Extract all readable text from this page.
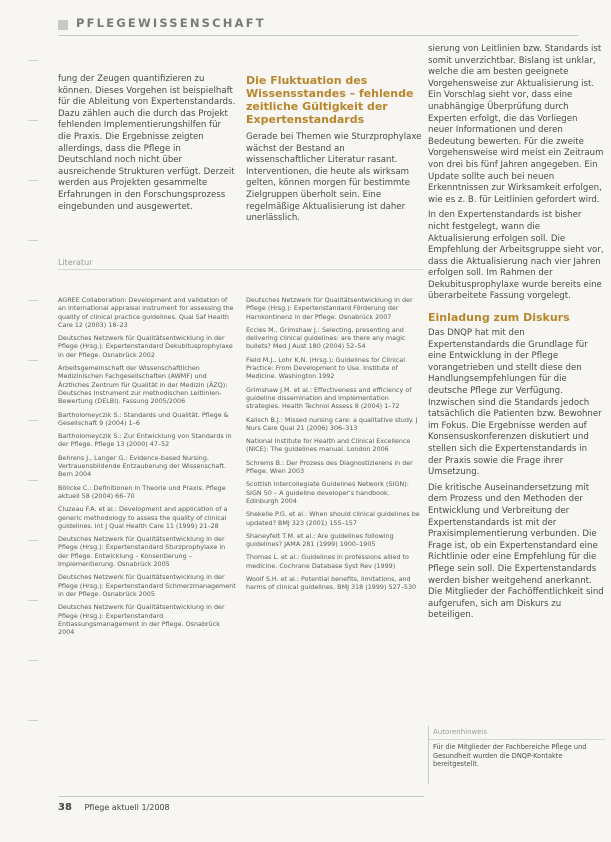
PFLEGEWISSENSCHAFT

fung der Zeugen quantifizieren zu können. Dieses Vorgehen ist beispielhaft für die Ableitung von Expertenstandards. Dazu zählen auch die durch das Projekt fehlenden Implementierungshilfen für die Praxis. Die Ergebnisse zeigten allerdings, dass die Pflege in Deutschland noch nicht über ausreichende Strukturen verfügt. Derzeit werden aus Projekten gesammelte Erfahrungen in den Forschungsprozess eingebunden und ausgewertet.

Die Fluktuation des Wissensstandes – fehlende zeitliche Gültigkeit der Expertenstandards

Gerade bei Themen wie Sturzprophylaxe wächst der Bestand an wissenschaftlicher Literatur rasant. Interventionen, die heute als wirksam gelten, können morgen für bestimmte Zielgruppen überholt sein. Eine regelmäßige Aktualisierung ist daher unerlässlich.

sierung von Leitlinien bzw. Standards ist somit unverzichtbar. Bislang ist unklar, welche die am besten geeignete Vorgehensweise zur Aktualisierung ist. Ein Vorschlag sieht vor, dass eine unabhängige Überprüfung durch Experten erfolgt, die das Vorliegen neuer Informationen und deren Bedeutung bewerten. Für die zweite Vorgehensweise wird meist ein Zeitraum von drei bis fünf Jahren angegeben. Ein Update sollte auch bei neuen Erkenntnissen zur Wirksamkeit erfolgen, wie es z. B. für Leitlinien gefordert wird.

In den Expertenstandards ist bisher nicht festgelegt, wann die Aktualisierung erfolgen soll. Die Empfehlung der Arbeitsgruppe sieht vor, dass die Aktualisierung nach vier Jahren erfolgen soll. Im Rahmen der Dekubitusprophylaxe wurde bereits eine überarbeitete Fassung vorgelegt.

Einladung zum Diskurs

Das DNQP hat mit den Expertenstandards die Grundlage für eine Entwicklung in der Pflege vorangetrieben und stellt diese den Handlungsempfehlungen für die deutsche Pflege zur Verfügung. Inzwischen sind die Standards jedoch tatsächlich die Patienten bzw. Bewohner im Fokus. Die Ergebnisse werden auf Konsensuskonferenzen diskutiert und stellen sich die Expertenstandards in der Praxis sowie die Frage ihrer Umsetzung.

Die kritische Auseinandersetzung mit dem Prozess und den Methoden der Entwicklung und Verbreitung der Expertenstandards ist mit der Praxisimplementierung verbunden. Die Frage ist, ob ein Expertenstandard eine Richtlinie oder eine Empfehlung für die Pflege sein soll. Die Expertenstandards werden bisher weitgehend anerkannt. Die Mitglieder der Fachöffentlichkeit sind aufgerufen, sich am Diskurs zu beteiligen.

Literatur

AGREE Collaboration: Development and validation of an international appraisal instrument for assessing the quality of clinical practice guidelines. Qual Saf Health Care 12 (2003) 18–23

Deutsches Netzwerk für Qualitätsentwicklung in der Pflege (Hrsg.): Expertenstandard Dekubitusprophylaxe in der Pflege. Osnabrück 2002

Arbeitsgemeinschaft der Wissenschaftlichen Medizinischen Fachgesellschaften (AWMF) und Ärztliches Zentrum für Qualität in der Medizin (ÄZQ): Deutsches Instrument zur methodischen Leitlinien-Bewertung (DELBI). Fassung 2005/2006

Bartholomeyczik S.: Standards und Qualität. Pflege & Gesellschaft 9 (2004) 1–6

Bartholomeyczik S.: Zur Entwicklung von Standards in der Pflege. Pflege 13 (2000) 47–52

Behrens J., Langer G.: Evidence-based Nursing. Vertrauensbildende Entzauberung der Wissenschaft. Bern 2004

Bölicke C.: Definitionen in Theorie und Praxis. Pflege aktuell 58 (2004) 66–70

Cluzeau F.A. et al.: Development and application of a generic methodology to assess the quality of clinical guidelines. Int J Qual Health Care 11 (1999) 21–28

Deutsches Netzwerk für Qualitätsentwicklung in der Pflege (Hrsg.): Expertenstandard Sturzprophylaxe in der Pflege. Entwicklung – Konsentierung – Implementierung. Osnabrück 2005

Deutsches Netzwerk für Qualitätsentwicklung in der Pflege (Hrsg.): Expertenstandard Schmerzmanagement in der Pflege. Osnabrück 2005

Deutsches Netzwerk für Qualitätsentwicklung in der Pflege (Hrsg.): Expertenstandard Entlassungsmanagement in der Pflege. Osnabrück 2004

Deutsches Netzwerk für Qualitätsentwicklung in der Pflege (Hrsg.): Expertenstandard Förderung der Harnkontinenz in der Pflege. Osnabrück 2007

Eccles M., Grimshaw J.: Selecting, presenting and delivering clinical guidelines: are there any magic bullets? Med J Aust 180 (2004) 52–54

Field M.J., Lohr K.N. (Hrsg.): Guidelines for Clinical Practice: From Development to Use. Institute of Medicine. Washington 1992

Grimshaw J.M. et al.: Effectiveness and efficiency of guideline dissemination and implementation strategies. Health Technol Assess 8 (2004) 1–72

Kalisch B.J.: Missed nursing care: a qualitative study. J Nurs Care Qual 21 (2006) 306–313

National Institute for Health and Clinical Excellence (NICE): The guidelines manual. London 2006

Schrems B.: Der Prozess des Diagnostizierens in der Pflege. Wien 2003

Scottish Intercollegiate Guidelines Network (SIGN): SIGN 50 – A guideline developer's handbook. Edinburgh 2004

Shekelle P.G. et al.: When should clinical guidelines be updated? BMJ 323 (2001) 155–157

Shaneyfelt T.M. et al.: Are guidelines following guidelines? JAMA 281 (1999) 1900–1905

Thomas L. et al.: Guidelines in professions allied to medicine. Cochrane Database Syst Rev (1999)

Woolf S.H. et al.: Potential benefits, limitations, and harms of clinical guidelines. BMJ 318 (1999) 527–530

Autorenhinweis
Für die Mitglieder der Fachbereiche Pflege und Gesundheit wurden die DNQP-Kontakte bereitgestellt.
38 Pflege aktuell 1/2008
